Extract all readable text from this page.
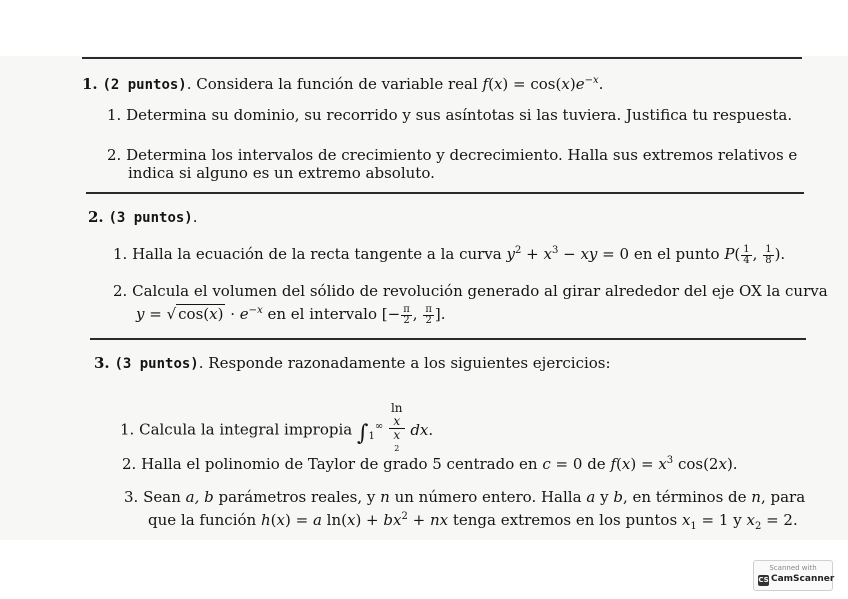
1. (2 puntos). Considera la función de variable real $f(x) = \cos(x)e^{-x}$.
1. Determina su dominio, su recorrido y sus asíntotas si las tuviera. Justifica tu respuesta.
2. Determina los intervalos de crecimiento y decrecimiento. Halla sus extremos relativos e
indica si alguno es un extremo absoluto.
2. (3 puntos).
1. Halla la ecuación de la recta tangente a la curva $y^2 + x^3$ − xy = 0 en el punto $P( \frac{1}{4}$ , $\frac{1}{8}$ ).
2. Calcula el volumen del sólido de revolución generado al girar alrededor del eje OX la curva
y = √ $\cos(x) \cdot e^{-x}$ en el intervalo [− $\frac{\pi}{2}$ , $\frac{\pi}{2}$ ].
3. (3 puntos). Responde razonadamente a los siguientes ejercicios:
1. Calcula la integral impropia $\int_1^\infty$ ln
x
x
$^2$ dx.
2. Halla el polinomio de Taylor de grado 5 centrado en c = 0 de $f(x) = x^3$ cos(2x).
3. Sean a, b parámetros reales, y n un número entero. Halla a y b, en términos de n, para
que la función h(x) = a $\ln(x) + bx^2$ + nx tenga extremos en los puntos $x_1 = 1$ y $x_2 = 2$.
Scanned with
CS CamScanner
